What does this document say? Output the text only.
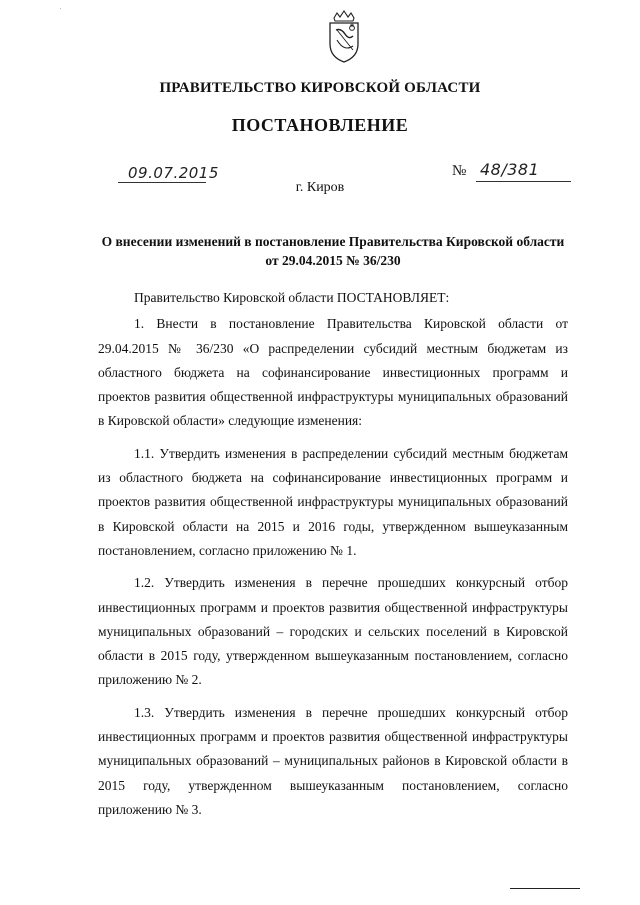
ПРАВИТЕЛЬСТВО КИРОВСКОЙ ОБЛАСТИ
ПОСТАНОВЛЕНИЕ
09.07.2015	№ 48/381
г. Киров
О внесении изменений в постановление Правительства Кировской области от 29.04.2015 № 36/230

Правительство Кировской области ПОСТАНОВЛЯЕТ:

1. Внести в постановление Правительства Кировской области от 29.04.2015 № 36/230 «О распределении субсидий местным бюджетам из областного бюджета на софинансирование инвестиционных программ и проектов развития общественной инфраструктуры муниципальных образований в Кировской области» следующие изменения:

1.1. Утвердить изменения в распределении субсидий местным бюджетам из областного бюджета на софинансирование инвестиционных программ и проектов развития общественной инфраструктуры муниципальных образований в Кировской области на 2015 и 2016 годы, утвержденном вышеуказанным постановлением, согласно приложению № 1.

1.2. Утвердить изменения в перечне прошедших конкурсный отбор инвестиционных программ и проектов развития общественной инфраструктуры муниципальных образований – городских и сельских поселений в Кировской области в 2015 году, утвержденном вышеуказанным постановлением, согласно приложению № 2.

1.3. Утвердить изменения в перечне прошедших конкурсный отбор инвестиционных программ и проектов развития общественной инфраструктуры муниципальных образований – муниципальных районов в Кировской области в 2015 году, утвержденном вышеуказанным постановлением, согласно приложению № 3.
